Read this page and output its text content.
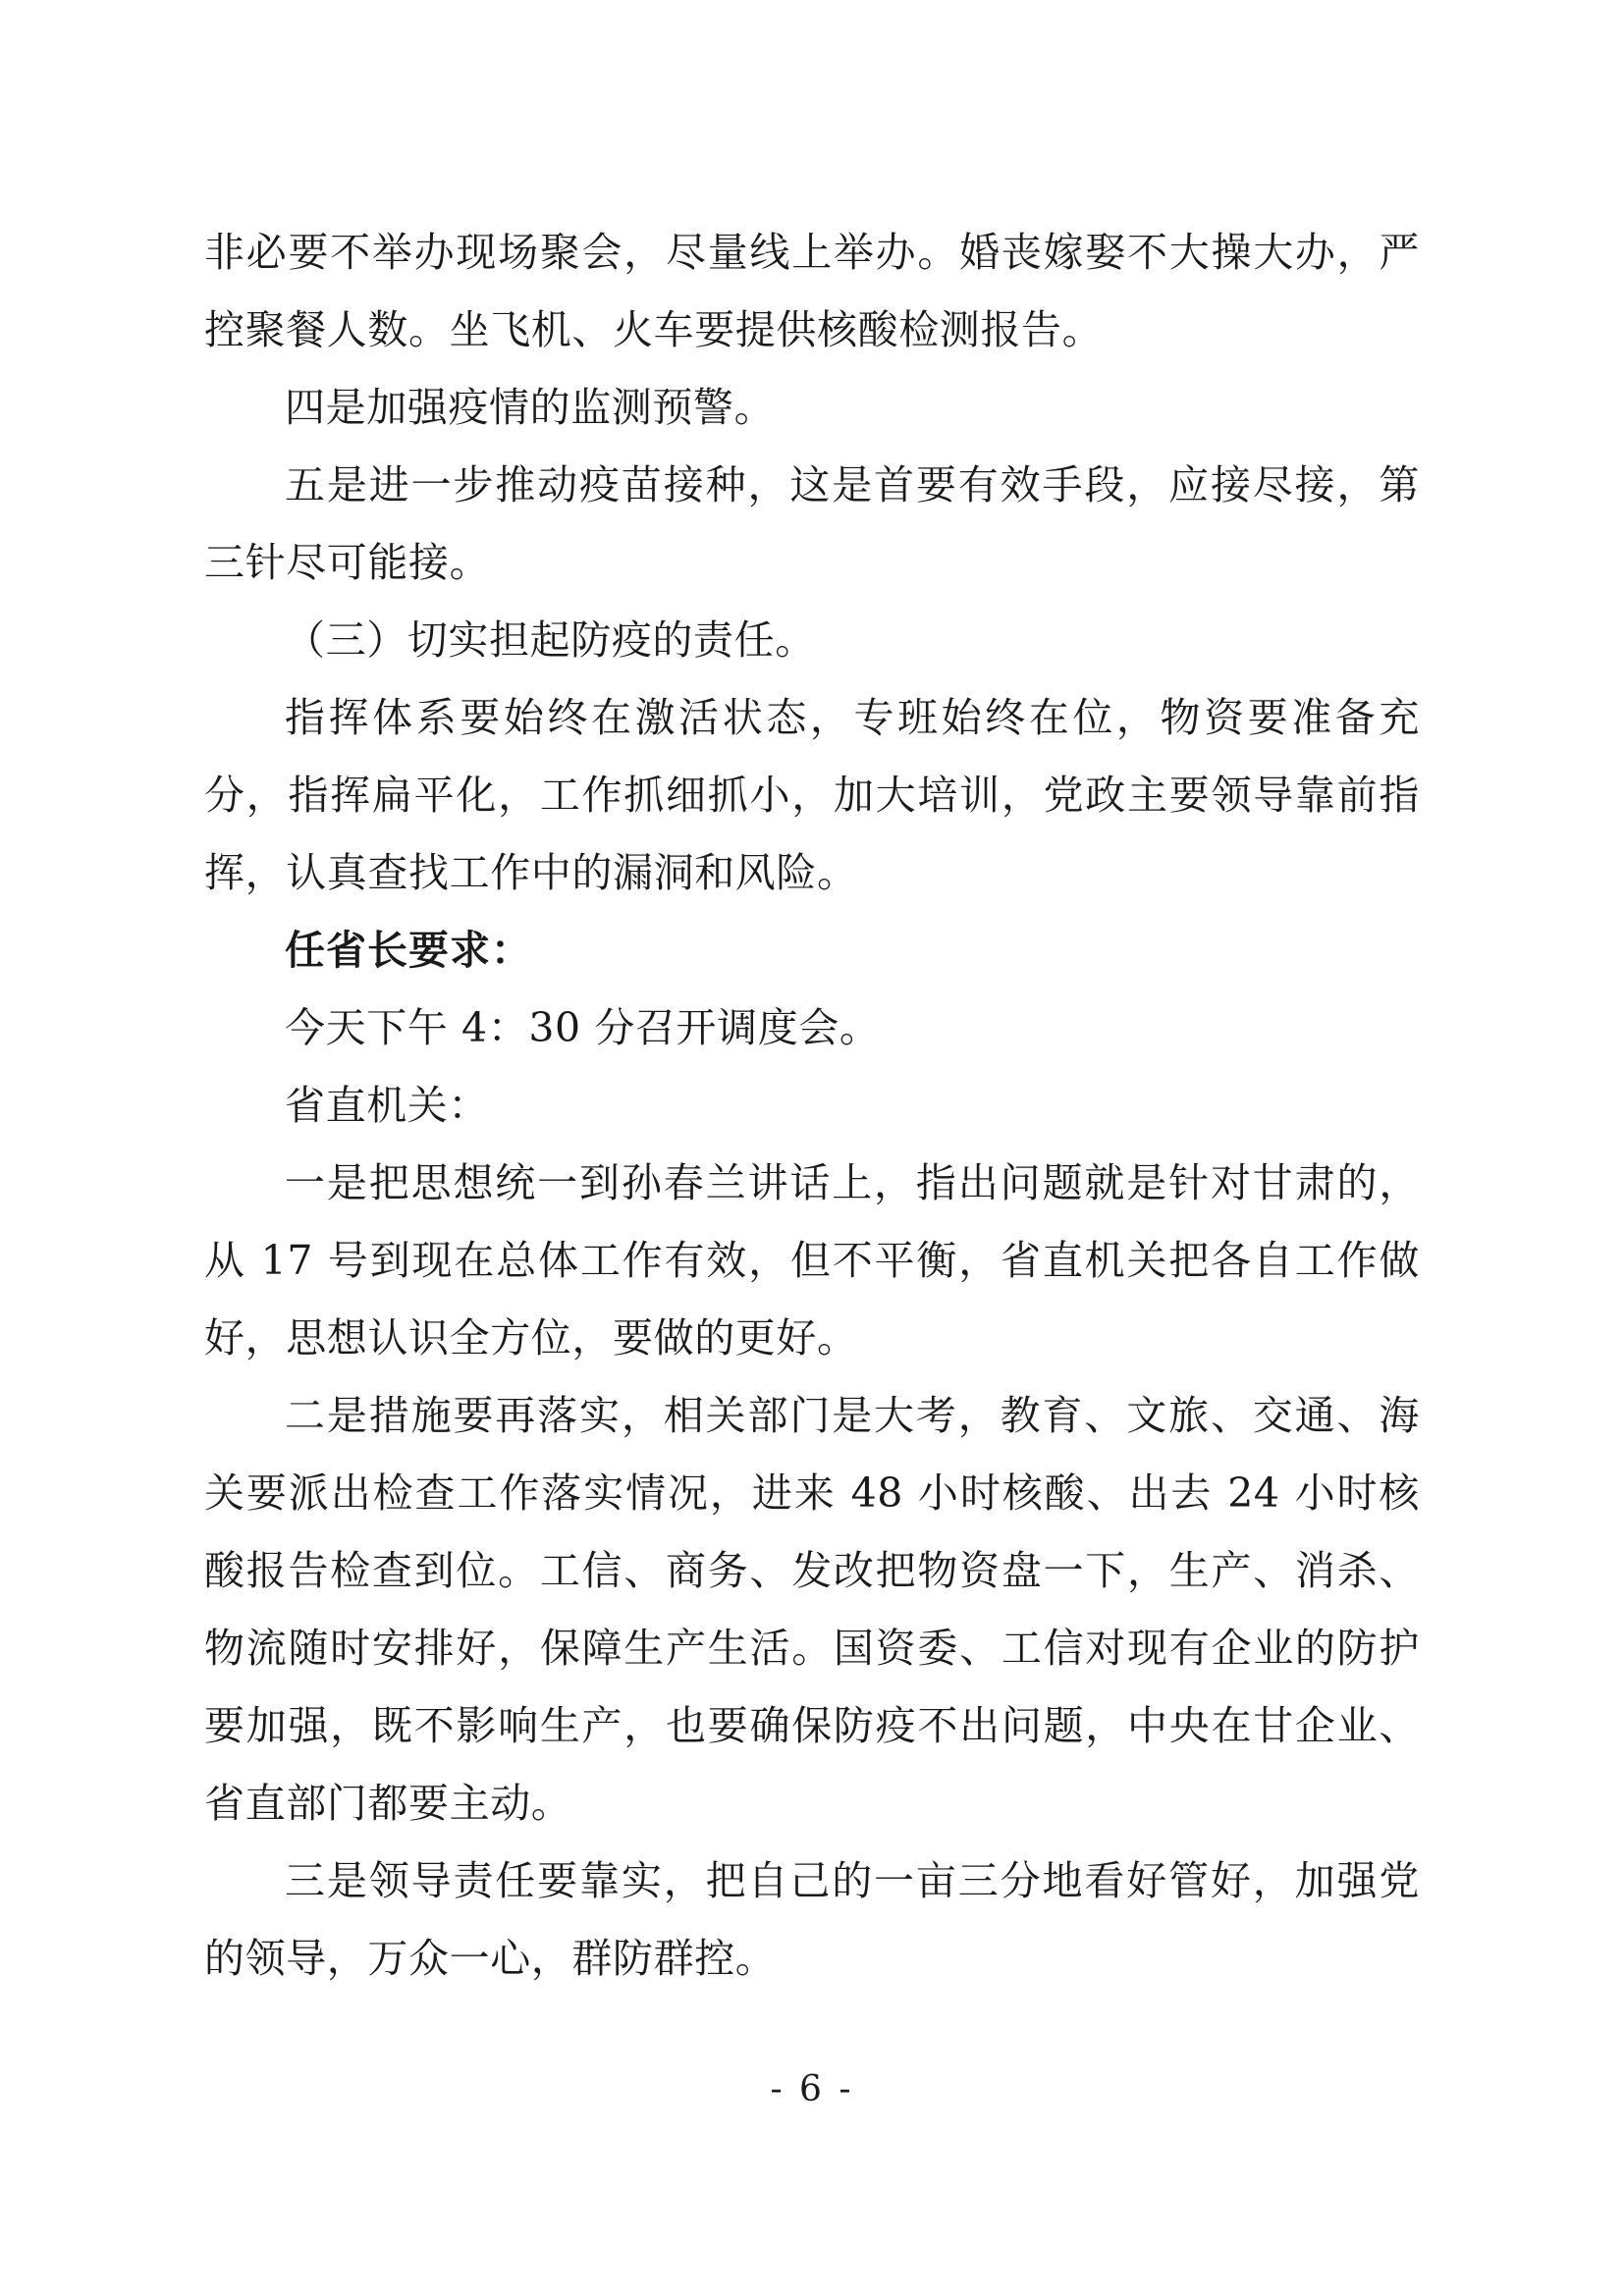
非必要不举办现场聚会，尽量线上举办。婚丧嫁娶不大操大办，严控聚餐人数。坐飞机、火车要提供核酸检测报告。

四是加强疫情的监测预警。

五是进一步推动疫苗接种，这是首要有效手段，应接尽接，第三针尽可能接。

（三）切实担起防疫的责任。

指挥体系要始终在激活状态，专班始终在位，物资要准备充分，指挥扁平化，工作抓细抓小，加大培训，党政主要领导靠前指挥，认真查找工作中的漏洞和风险。

任省长要求：

今天下午 4：30 分召开调度会。

省直机关：

一是把思想统一到孙春兰讲话上，指出问题就是针对甘肃的，从 17 号到现在总体工作有效，但不平衡，省直机关把各自工作做好，思想认识全方位，要做的更好。

二是措施要再落实，相关部门是大考，教育、文旅、交通、海关要派出检查工作落实情况，进来 48 小时核酸、出去 24 小时核酸报告检查到位。工信、商务、发改把物资盘一下，生产、消杀、物流随时安排好，保障生产生活。国资委、工信对现有企业的防护要加强，既不影响生产，也要确保防疫不出问题，中央在甘企业、省直部门都要主动。

三是领导责任要靠实，把自己的一亩三分地看好管好，加强党的领导，万众一心，群防群控。

- 6 -
